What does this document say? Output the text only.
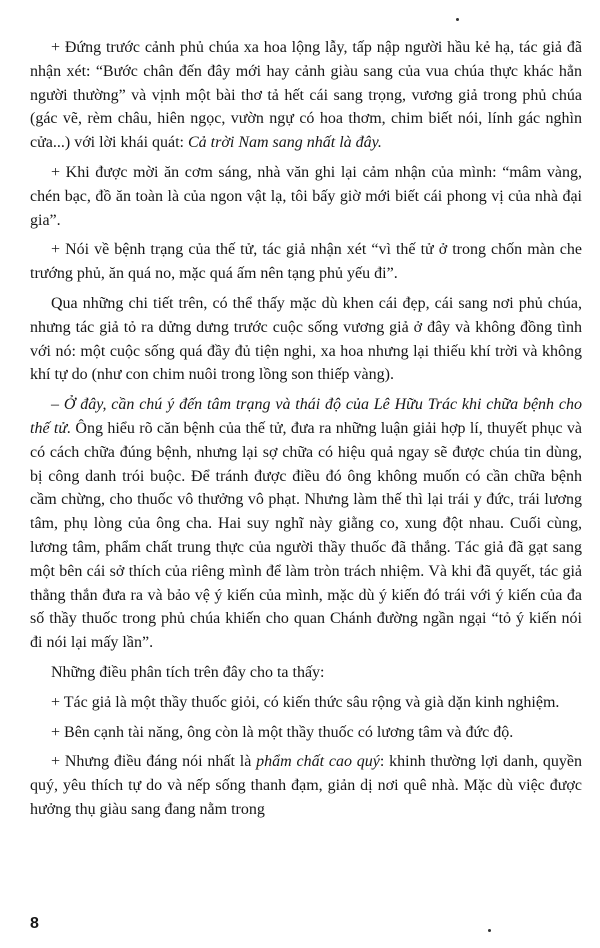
+ Đứng trước cảnh phủ chúa xa hoa lộng lẫy, tấp nập người hầu kẻ hạ, tác giả đã nhận xét: “Bước chân đến đây mới hay cảnh giàu sang của vua chúa thực khác hẳn người thường” và vịnh một bài thơ tả hết cái sang trọng, vương giả trong phủ chúa (gác vẽ, rèm châu, hiên ngọc, vườn ngự có hoa thơm, chim biết nói, lính gác nghìn cửa...) với lời khái quát: Cả trời Nam sang nhất là đây.

+ Khi được mời ăn cơm sáng, nhà văn ghi lại cảm nhận của mình: “mâm vàng, chén bạc, đồ ăn toàn là của ngon vật lạ, tôi bấy giờ mới biết cái phong vị của nhà đại gia”.

+ Nói về bệnh trạng của thế tử, tác giả nhận xét “vì thế tử ở trong chốn màn che trướng phủ, ăn quá no, mặc quá ấm nên tạng phủ yếu đi”.

Qua những chi tiết trên, có thể thấy mặc dù khen cái đẹp, cái sang nơi phủ chúa, nhưng tác giả tỏ ra dửng dưng trước cuộc sống vương giả ở đây và không đồng tình với nó: một cuộc sống quá đầy đủ tiện nghi, xa hoa nhưng lại thiếu khí trời và không khí tự do (như con chim nuôi trong lồng son thiếp vàng).

– Ở đây, cần chú ý đến tâm trạng và thái độ của Lê Hữu Trác khi chữa bệnh cho thế tử. Ông hiểu rõ căn bệnh của thế tử, đưa ra những luận giải hợp lí, thuyết phục và có cách chữa đúng bệnh, nhưng lại sợ chữa có hiệu quả ngay sẽ được chúa tin dùng, bị công danh trói buộc. Để tránh được điều đó ông không muốn có cần chữa bệnh cầm chừng, cho thuốc vô thưởng vô phạt. Nhưng làm thế thì lại trái y đức, trái lương tâm, phụ lòng của ông cha. Hai suy nghĩ này giằng co, xung đột nhau. Cuối cùng, lương tâm, phẩm chất trung thực của người thầy thuốc đã thắng. Tác giả đã gạt sang một bên cái sở thích của riêng mình để làm tròn trách nhiệm. Và khi đã quyết, tác giả thẳng thắn đưa ra và bảo vệ ý kiến của mình, mặc dù ý kiến đó trái với ý kiến của đa số thầy thuốc trong phủ chúa khiến cho quan Chánh đường ngần ngại “tỏ ý kiến nói đi nói lại mấy lần”.

Những điều phân tích trên đây cho ta thấy:

+ Tác giả là một thầy thuốc giỏi, có kiến thức sâu rộng và già dặn kinh nghiệm.

+ Bên cạnh tài năng, ông còn là một thầy thuốc có lương tâm và đức độ.

+ Nhưng điều đáng nói nhất là phẩm chất cao quý: khinh thường lợi danh, quyền quý, yêu thích tự do và nếp sống thanh đạm, giản dị nơi quê nhà. Mặc dù việc được hưởng thụ giàu sang đang nằm trong

8
